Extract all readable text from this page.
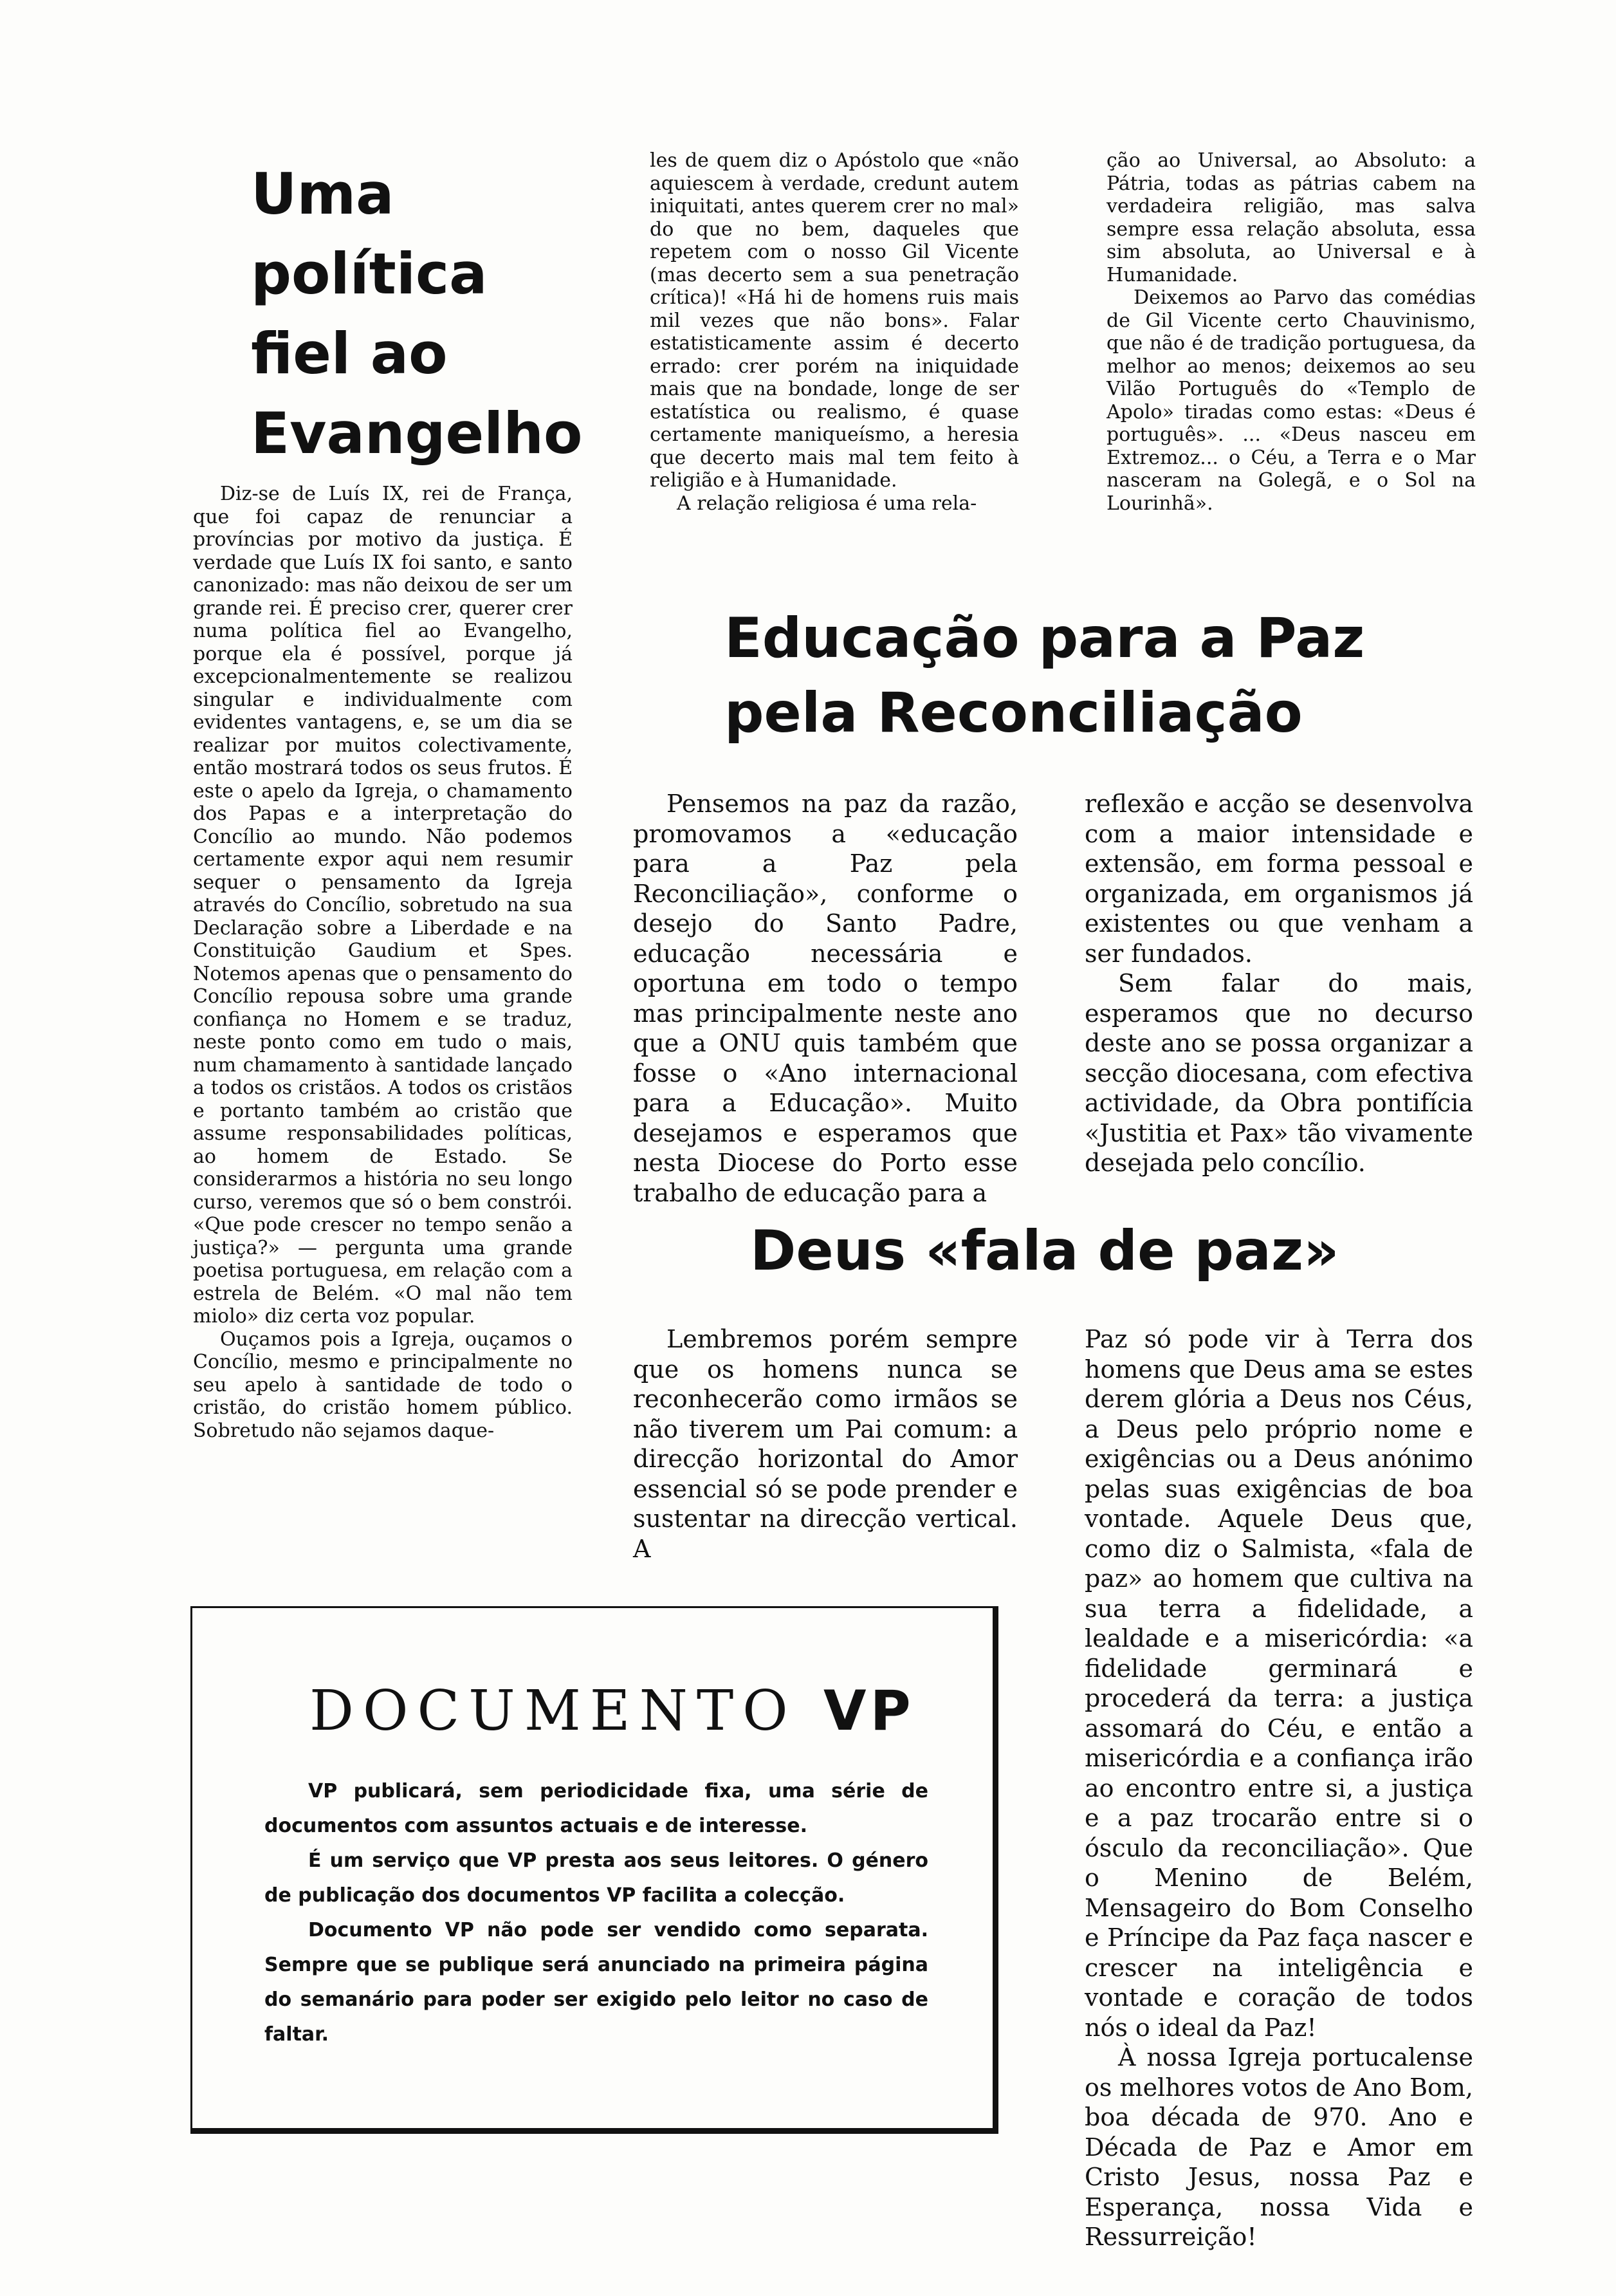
Uma
política
fiel ao
Evangelho

Diz-se de Luís IX, rei de França, que foi capaz de renunciar a províncias por motivo da justiça. É verdade que Luís IX foi santo, e santo canonizado: mas não deixou de ser um grande rei. É preciso crer, querer crer numa política fiel ao Evangelho, porque ela é possível, porque já excepcionalmentemente se realizou singular e individualmente com evidentes vantagens, e, se um dia se realizar por muitos colectivamente, então mostrará todos os seus frutos. É este o apelo da Igreja, o chamamento dos Papas e a interpretação do Concílio ao mundo. Não podemos certamente expor aqui nem resumir sequer o pensamento da Igreja através do Concílio, sobretudo na sua Declaração sobre a Liberdade e na Constituição Gaudium et Spes. Notemos apenas que o pensamento do Concílio repousa sobre uma grande confiança no Homem e se traduz, neste ponto como em tudo o mais, num chamamento à santidade lançado a todos os cristãos. A todos os cristãos e portanto também ao cristão que assume responsabilidades políticas, ao homem de Estado. Se considerarmos a história no seu longo curso, veremos que só o bem constrói. «Que pode crescer no tempo senão a justiça?» — pergunta uma grande poetisa portuguesa, em relação com a estrela de Belém. «O mal não tem miolo» diz certa voz popular.

Ouçamos pois a Igreja, ouçamos o Concílio, mesmo e principalmente no seu apelo à santidade de todo o cristão, do cristão homem público. Sobretudo não sejamos daque-

les de quem diz o Apóstolo que «não aquiescem à verdade, credunt autem iniquitati, antes querem crer no mal» do que no bem, daqueles que repetem com o nosso Gil Vicente (mas decerto sem a sua penetração crítica)! «Há hi de homens ruis mais mil vezes que não bons». Falar estatisticamente assim é decerto errado: crer porém na iniquidade mais que na bondade, longe de ser estatística ou realismo, é quase certamente maniqueísmo, a heresia que decerto mais mal tem feito à religião e à Humanidade.

A relação religiosa é uma rela-

ção ao Universal, ao Absoluto: a Pátria, todas as pátrias cabem na verdadeira religião, mas salva sempre essa relação absoluta, essa sim absoluta, ao Universal e à Humanidade.

Deixemos ao Parvo das comédias de Gil Vicente certo Chauvinismo, que não é de tradição portuguesa, da melhor ao menos; deixemos ao seu Vilão Português do «Templo de Apolo» tiradas como estas: «Deus é português». ... «Deus nasceu em Extremoz... o Céu, a Terra e o Mar nasceram na Golegã, e o Sol na Lourinhã».

Educação para a Paz
pela Reconciliação

Pensemos na paz da razão, promovamos a «educação para a Paz pela Reconciliação», conforme o desejo do Santo Padre, educação necessária e oportuna em todo o tempo mas principalmente neste ano que a ONU quis também que fosse o «Ano internacional para a Educação». Muito desejamos e esperamos que nesta Diocese do Porto esse trabalho de educação para a

reflexão e acção se desenvolva com a maior intensidade e extensão, em forma pessoal e organizada, em organismos já existentes ou que venham a ser fundados.

Sem falar do mais, esperamos que no decurso deste ano se possa organizar a secção diocesana, com efectiva actividade, da Obra pontifícia «Justitia et Pax» tão vivamente desejada pelo concílio.

Deus «fala de paz»

Lembremos porém sempre que os homens nunca se reconhecerão como irmãos se não tiverem um Pai comum: a direcção horizontal do Amor essencial só se pode prender e sustentar na direcção vertical. A

Paz só pode vir à Terra dos homens que Deus ama se estes derem glória a Deus nos Céus, a Deus pelo próprio nome e exigências ou a Deus anónimo pelas suas exigências de boa vontade. Aquele Deus que, como diz o Salmista, «fala de paz» ao homem que cultiva na sua terra a fidelidade, a lealdade e a misericórdia: «a fidelidade germinará e procederá da terra: a justiça assomará do Céu, e então a misericórdia e a confiança irão ao encontro entre si, a justiça e a paz trocarão entre si o ósculo da reconciliação». Que o Menino de Belém, Mensageiro do Bom Conselho e Príncipe da Paz faça nascer e crescer na inteligência e vontade e coração de todos nós o ideal da Paz!

À nossa Igreja portucalense os melhores votos de Ano Bom, boa década de 970. Ano e Década de Paz e Amor em Cristo Jesus, nossa Paz e Esperança, nossa Vida e Ressurreição!

DOCUMENTO VP

VP publicará, sem periodicidade fixa, uma série de documentos com assuntos actuais e de interesse.

É um serviço que VP presta aos seus leitores. O género de publicação dos documentos VP facilita a colecção.

Documento VP não pode ser vendido como separata. Sempre que se publique será anunciado na primeira página do semanário para poder ser exigido pelo leitor no caso de faltar.
